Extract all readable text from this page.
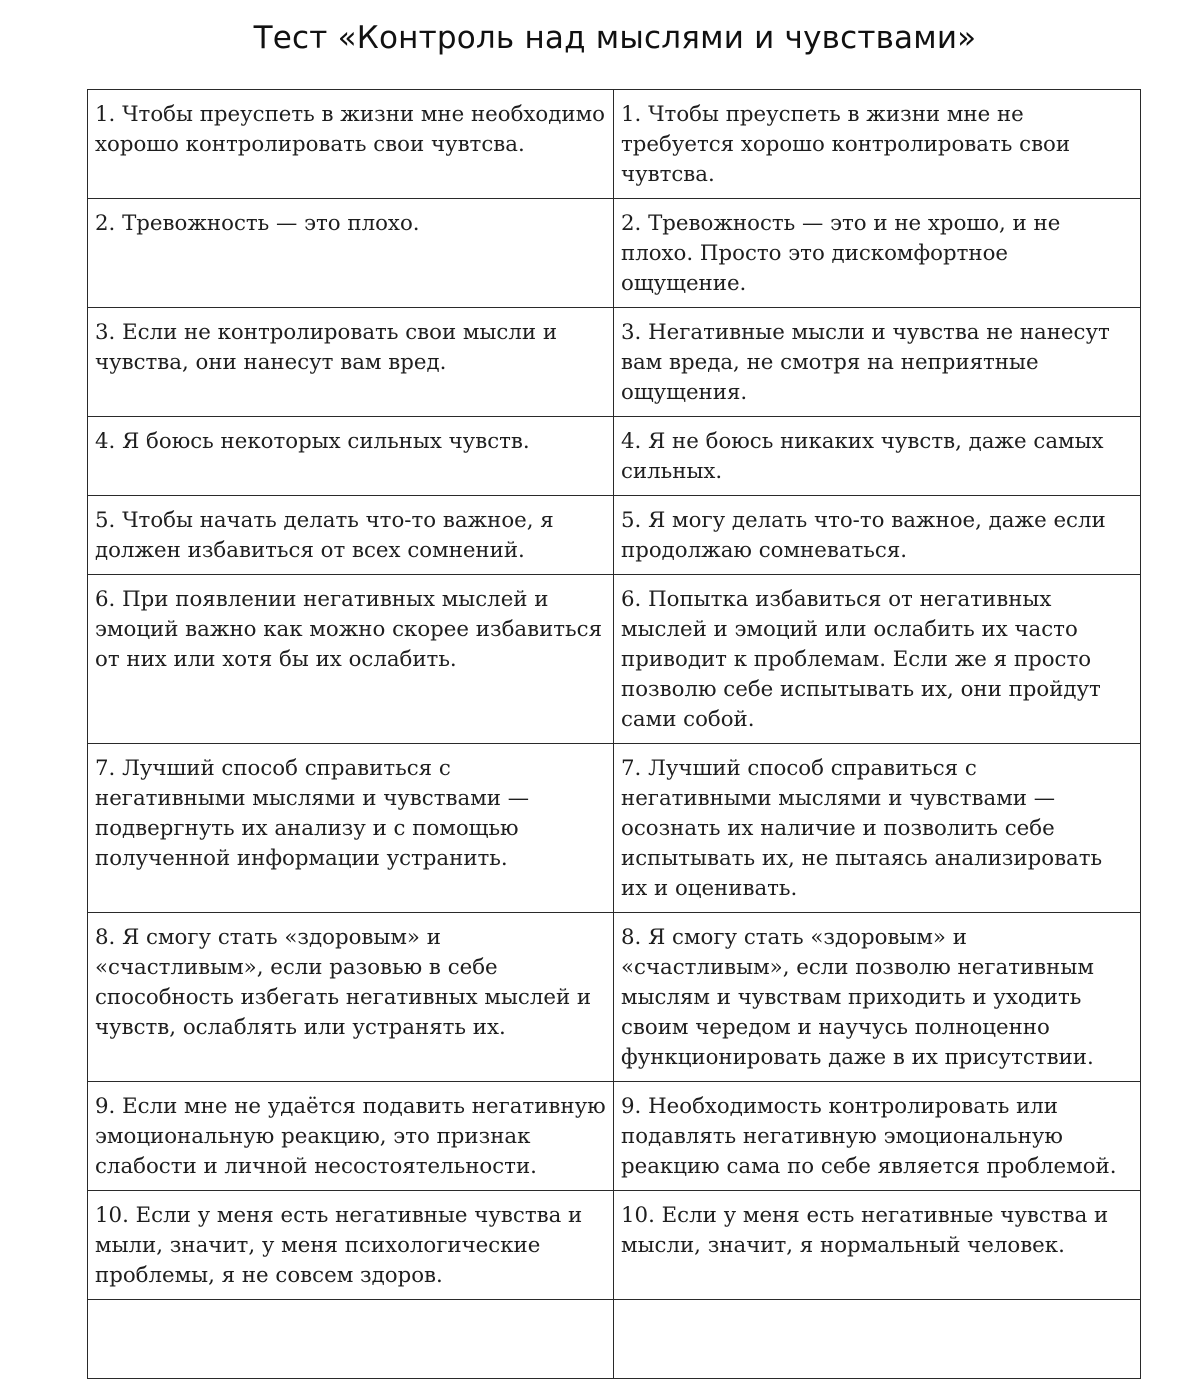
Тест «Контроль над мыслями и чувствами»
1. Чтобы преуспеть в жизни мне необходимо хорошо контролировать свои чувтсва.	1. Чтобы преуспеть в жизни мне не требуется хорошо контролировать свои чувтсва.
2. Тревожность — это плохо.	2. Тревожность — это и не хрошо, и не плохо. Просто это дискомфортное ощущение.
3. Если не контролировать свои мысли и чувства, они нанесут вам вред.	3. Негативные мысли и чувства не нанесут вам вреда, не смотря на неприятные ощущения.
4. Я боюсь некоторых сильных чувств.	4. Я не боюсь никаких чувств, даже самых сильных.
5. Чтобы начать делать что-то важное, я должен избавиться от всех сомнений.	5. Я могу делать что-то важное, даже если продолжаю сомневаться.
6. При появлении негативных мыслей и эмоций важно как можно скорее избавиться от них или хотя бы их ослабить.	6. Попытка избавиться от негативных мыслей и эмоций или ослабить их часто приводит к проблемам. Если же я просто позволю себе испытывать их, они пройдут сами собой.
7. Лучший способ справиться с негативными мыслями и чувствами — подвергнуть их анализу и с помощью полученной информации устранить.	7. Лучший способ справиться с негативными мыслями и чувствами — осознать их наличие и позволить себе испытывать их, не пытаясь анализировать их и оценивать.
8. Я смогу стать «здоровым» и «счастливым», если разовью в себе способность избегать негативных мыслей и чувств, ослаблять или устранять их.	8. Я смогу стать «здоровым» и «счастливым», если позволю негативным мыслям и чувствам приходить и уходить своим чередом и научусь полноценно функционировать даже в их присутствии.
9. Если мне не удаётся подавить негативную эмоциональную реакцию, это признак слабости и личной несостоятельности.	9. Необходимость контролировать или подавлять негативную эмоциональную реакцию сама по себе является проблемой.
10. Если у меня есть негативные чувства и мыли, значит, у меня психологические проблемы, я не совсем здоров.	10. Если у меня есть негативные чувства и мысли, значит, я нормальный человек.
